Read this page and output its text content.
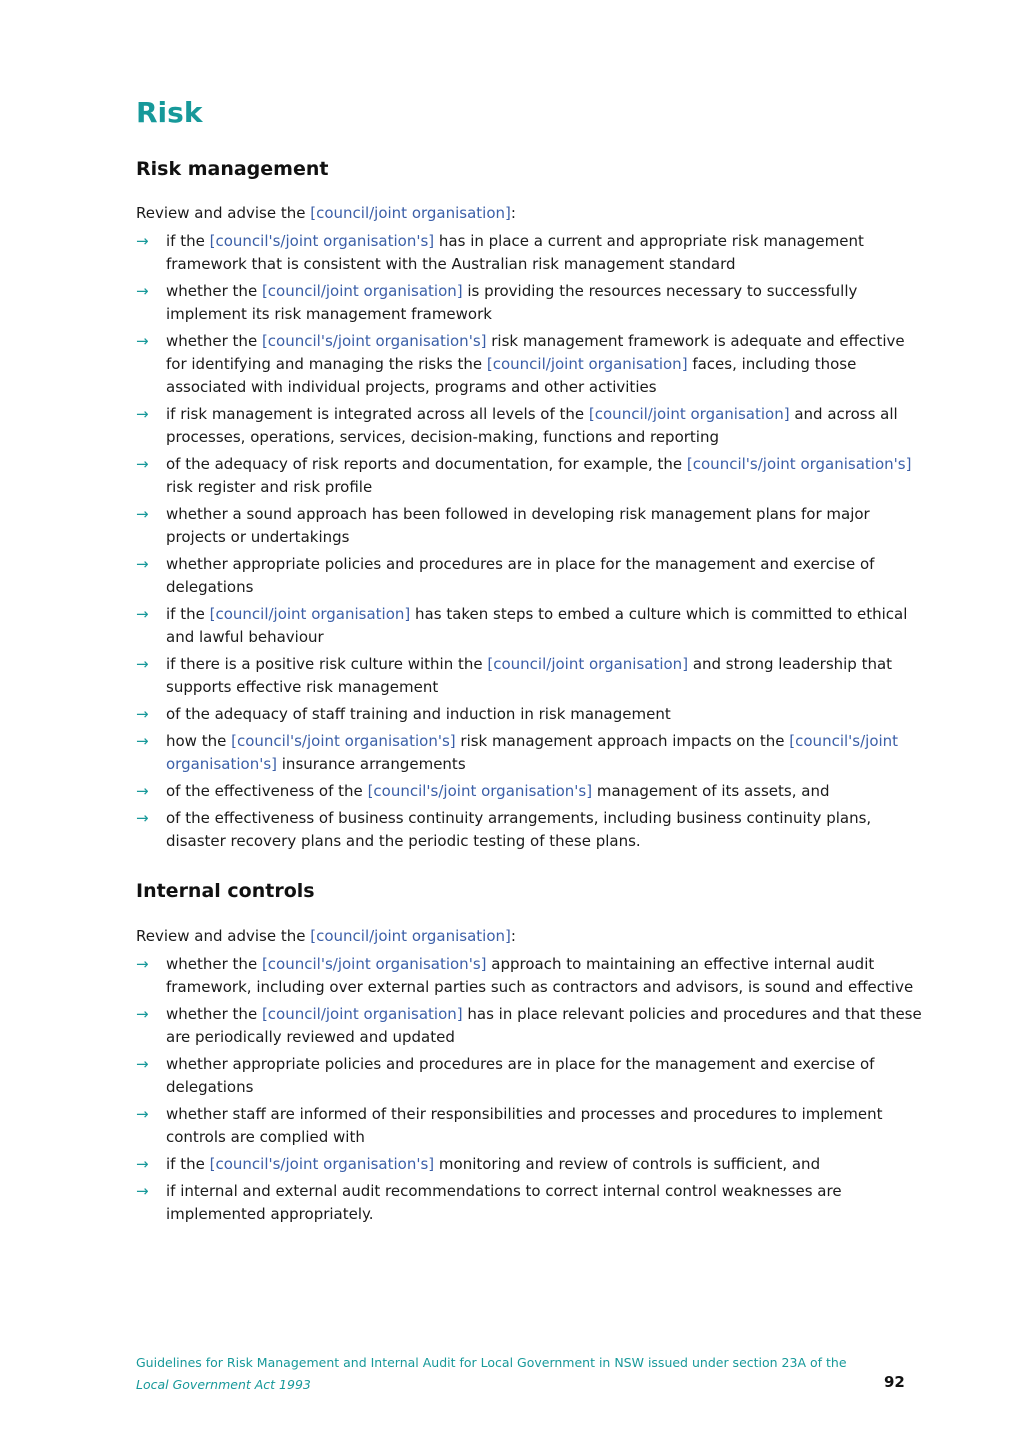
Risk
Risk management

Review and advise the [council/joint organisation]:

→ if the [council's/joint organisation's] has in place a current and appropriate risk management framework that is consistent with the Australian risk management standard
→ whether the [council/joint organisation] is providing the resources necessary to successfully implement its risk management framework
→ whether the [council's/joint organisation's] risk management framework is adequate and effective for identifying and managing the risks the [council/joint organisation] faces, including those associated with individual projects, programs and other activities
→ if risk management is integrated across all levels of the [council/joint organisation] and across all processes, operations, services, decision-making, functions and reporting
→ of the adequacy of risk reports and documentation, for example, the [council's/joint organisation's] risk register and risk profile
→ whether a sound approach has been followed in developing risk management plans for major projects or undertakings
→ whether appropriate policies and procedures are in place for the management and exercise of delegations
→ if the [council/joint organisation] has taken steps to embed a culture which is committed to ethical and lawful behaviour
→ if there is a positive risk culture within the [council/joint organisation] and strong leadership that supports effective risk management
→ of the adequacy of staff training and induction in risk management
→ how the [council's/joint organisation's] risk management approach impacts on the [council's/joint organisation's] insurance arrangements
→ of the effectiveness of the [council's/joint organisation's] management of its assets, and
→ of the effectiveness of business continuity arrangements, including business continuity plans, disaster recovery plans and the periodic testing of these plans.
Internal controls

Review and advise the [council/joint organisation]:

→ whether the [council's/joint organisation's] approach to maintaining an effective internal audit framework, including over external parties such as contractors and advisors, is sound and effective
→ whether the [council/joint organisation] has in place relevant policies and procedures and that these are periodically reviewed and updated
→ whether appropriate policies and procedures are in place for the management and exercise of delegations
→ whether staff are informed of their responsibilities and processes and procedures to implement controls are complied with
→ if the [council's/joint organisation's] monitoring and review of controls is sufficient, and
→ if internal and external audit recommendations to correct internal control weaknesses are implemented appropriately.

Guidelines for Risk Management and Internal Audit for Local Government in NSW issued under section 23A of the Local Government Act 1993	92
